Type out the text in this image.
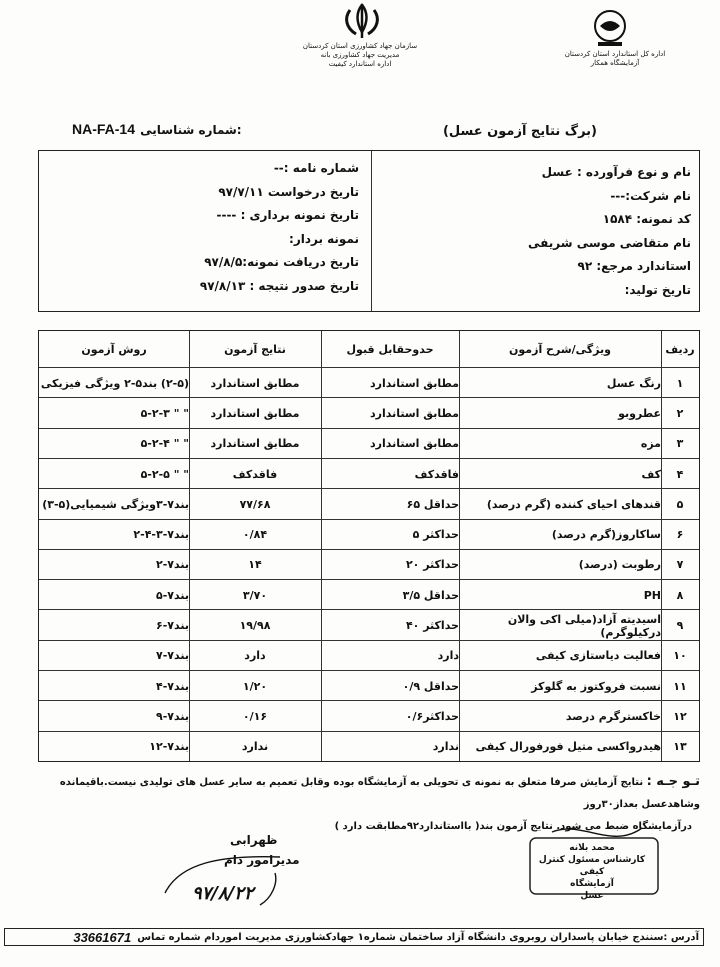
سازمان جهاد کشاورزی استان کردستان
مدیریت جهاد کشاورزی بانه
اداره استاندارد کیفیت
اداره کل استاندارد استان کردستان
آزمایشگاه همکار
NA-FA-14 شماره شناسایی:	(برگ نتایج آزمون عسل)
نام و نوع فرآورده : عسل
نام شرکت:---
کد نمونه: ۱۵۸۴
نام متقاضی موسی شریفی
استاندارد مرجع: ۹۲
تاریخ تولید:
شماره نامه :--
تاریخ درخواست ۹۷/۷/۱۱
تاریخ نمونه برداری : ----
نمونه بردار:
تاریخ دریافت نمونه:۹۷/۸/۵
تاریخ صدور نتیجه : ۹۷/۸/۱۳
ردیف
ویژگی/شرح آزمون
حدوحقابل قبول
نتایج آزمون
روش آزمون
۱
رنگ عسل
مطابق استاندارد
مطابق استاندارد
(۲-۵) بند۵-۲ ویژگی فیزیکی
۲
عطروبو
مطابق استاندارد
مطابق استاندارد
" " ۵-۲-۳
۳
مزه
مطابق استاندارد
مطابق استاندارد
" " ۵-۲-۴
۴
کف
فاقدکف
فاقدکف
" " ۵-۲-۵
۵
قندهای احیای کننده (گرم درصد)
حداقل ۶۵
۷۷/۶۸
بند۷-۳ویژگی شیمیایی(۵-۳)
۶
ساکاروز(گرم درصد)
حداکثر ۵
۰/۸۴
بند۷-۳-۴-۲
۷
رطوبت (درصد)
حداکثر ۲۰
۱۴
بند۷-۲
۸
PH
حداقل ۳/۵
۳/۷۰
بند۷-۵
۹
اسیدیته آزاد(میلی اکی والان درکیلوگرم)
حداکثر ۴۰
۱۹/۹۸
بند۷-۶
۱۰
فعالیت دیاستازی کیفی
دارد
دارد
بند۷-۷
۱۱
نسبت فروکتوز به گلوکز
حداقل ۰/۹
۱/۲۰
بند۷-۴
۱۲
خاکسترگرم درصد
حداکثر۰/۶
۰/۱۶
بند۷-۹
۱۳
هیدرواکسی متیل فورفورال کیفی
ندارد
ندارد
بند۷-۱۲
تـو جـه : نتایج آزمایش صرفا متعلق به نمونه ی تحویلی به آزمایشگاه بوده وقابل تعمیم به سایر عسل های تولیدی نیست.باقیمانده وشاهدعسل بعداز۳۰روز
درآزمایشگاه ضبط می شود. نتایج آزمون بند( بااستاندارد۹۲مطابقت دارد )
ظهرابی
مدیرامور دام
۹۷/۸/۲۲
محمد بلانه
کارشناس مسئول کنترل کیفی
آزمایشگاه
عسل
آدرس :سنندج خیابان پاسداران روبروی دانشگاه آزاد ساختمان شماره۱ جهادکشاورزی مدیریت اموردام شماره تماس
33661671
